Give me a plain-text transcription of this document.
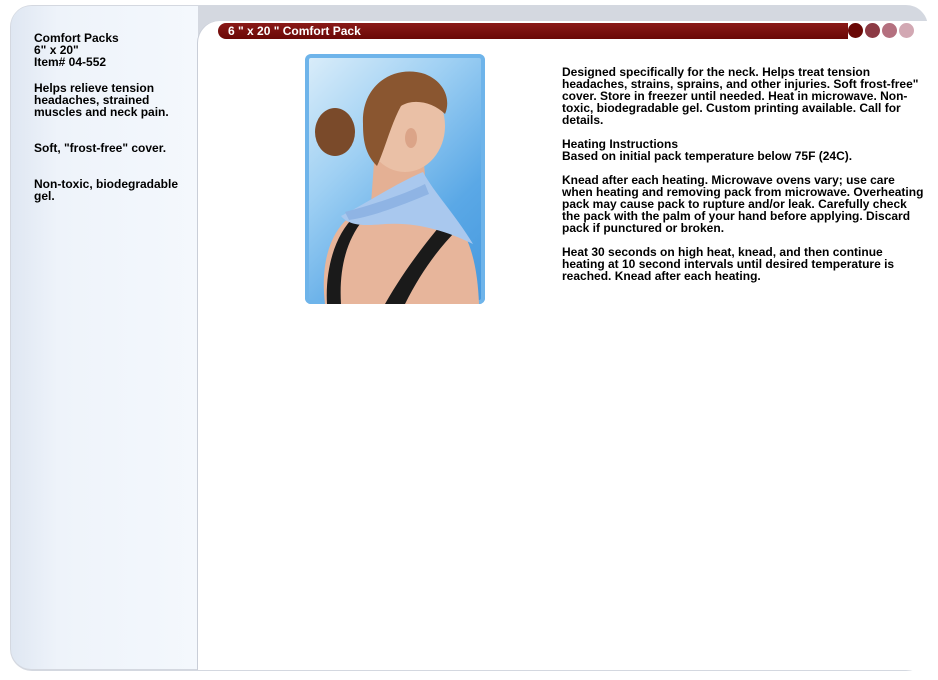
Comfort Packs

6" x 20"

Item# 04-552

Helps relieve tension headaches, strained muscles and neck pain.

Soft, "frost-free" cover.

Non-toxic, biodegradable gel.

6 " x 20 " Comfort Pack

Designed specifically for the neck. Helps treat tension headaches, strains, sprains, and other injuries. Soft frost-free" cover. Store in freezer until needed. Heat in microwave. Non-toxic, biodegradable gel. Custom printing available. Call for details.

Heating Instructions

Based on initial pack temperature below 75F (24C).

Knead after each heating. Microwave ovens vary; use care when heating and removing pack from microwave. Overheating pack may cause pack to rupture and/or leak. Carefully check the pack with the palm of your hand before applying. Discard pack if punctured or broken.

Heat 30 seconds on high heat, knead, and then continue heating at 10 second intervals until desired temperature is reached. Knead after each heating.
